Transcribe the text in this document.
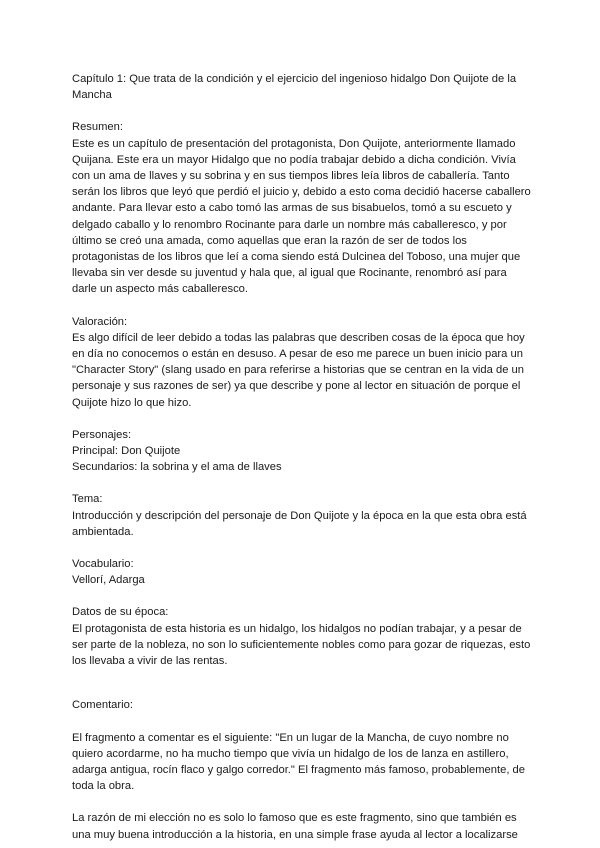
Capítulo 1: Que trata de la condición y el ejercicio del ingenioso hidalgo Don Quijote de la Mancha

Resumen:

Este es un capítulo de presentación del protagonista, Don Quijote, anteriormente llamado Quijana. Este era un mayor Hidalgo que no podía trabajar debido a dicha condición. Vivía con un ama de llaves y su sobrina y en sus tiempos libres leía libros de caballería. Tanto serán los libros que leyó que perdió el juicio y, debido a esto coma decidió hacerse caballero andante. Para llevar esto a cabo tomó las armas de sus bisabuelos, tomó a su escueto y delgado caballo y lo renombro Rocinante para darle un nombre más caballeresco, y por último se creó una amada, como aquellas que eran la razón de ser de todos los protagonistas de los libros que leí a coma siendo está Dulcinea del Toboso, una mujer que llevaba sin ver desde su juventud y hala que, al igual que Rocinante, renombró así para darle un aspecto más caballeresco.

Valoración:

Es algo difícil de leer debido a todas las palabras que describen cosas de la época que hoy en día no conocemos o están en desuso. A pesar de eso me parece un buen inicio para un "Character Story" (slang usado en para referirse a historias que se centran en la vida de un personaje y sus razones de ser) ya que describe y pone al lector en situación de porque el Quijote hizo lo que hizo.

Personajes:

Principal: Don Quijote

Secundarios: la sobrina y el ama de llaves

Tema:

Introducción y descripción del personaje de Don Quijote y la época en la que esta obra está ambientada.

Vocabulario:

Vellorí, Adarga

Datos de su época:

El protagonista de esta historia es un hidalgo, los hidalgos no podían trabajar, y a pesar de ser parte de la nobleza, no son lo suficientemente nobles como para gozar de riquezas, esto los llevaba a vivir de las rentas.

Comentario:

El fragmento a comentar es el siguiente: "En un lugar de la Mancha, de cuyo nombre no quiero acordarme, no ha mucho tiempo que vivía un hidalgo de los de lanza en astillero, adarga antigua, rocín flaco y galgo corredor." El fragmento más famoso, probablemente, de toda la obra.

La razón de mi elección no es solo lo famoso que es este fragmento, sino que también es una muy buena introducción a la historia, en una simple frase ayuda al lector a localizarse
